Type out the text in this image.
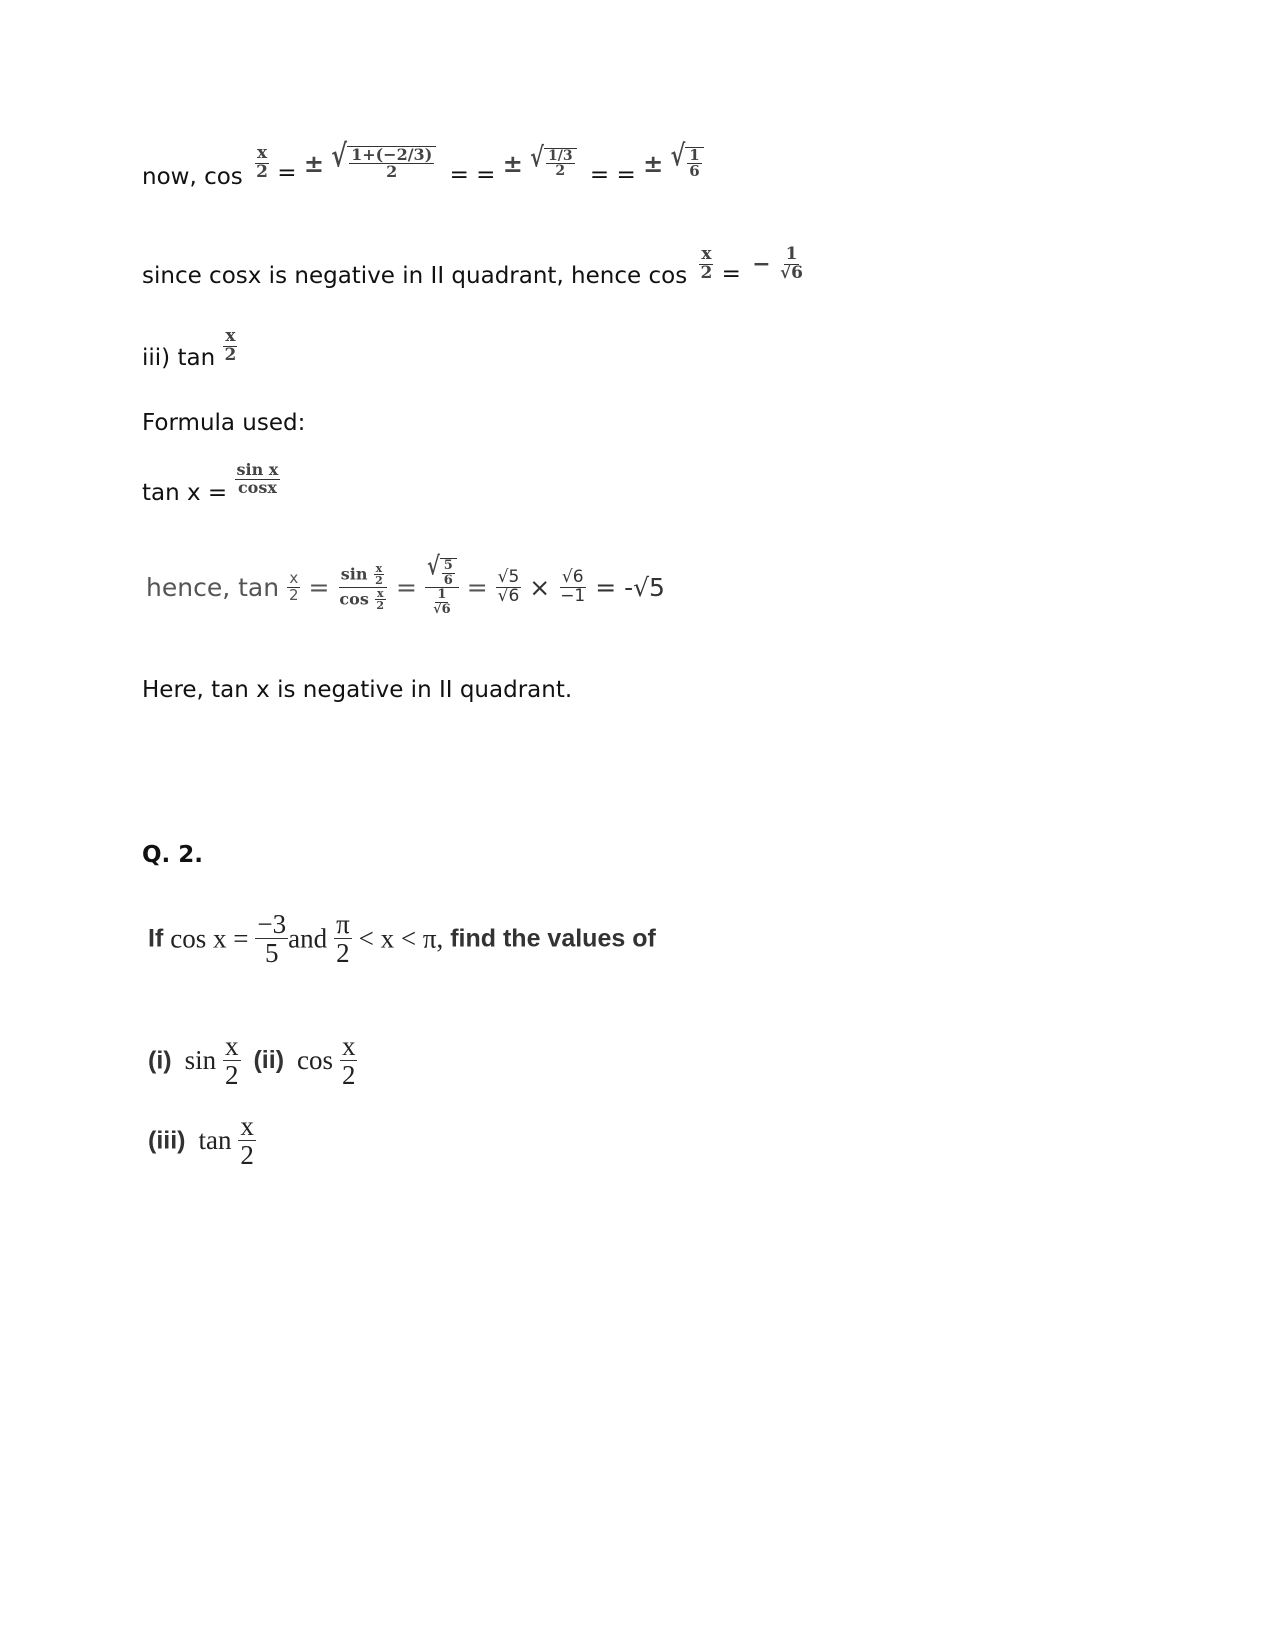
now, $\cos \frac{x}{2}$ = ± √ $\frac{1+(-2/3)}{2}$ = = ± √ $\frac{1/3}{2}$ = = ± √ $\frac{1}{6}$
since cosx is negative in II quadrant, hence $\cos \frac{x}{2}$ = − $\frac{1}{√6}$
iii) $\tan \frac{x}{2}$
Formula used:
$\tan x = \frac{\text{sin x}}{\cos x}$
hence, $\tan \frac{x}{2} = \frac{\sin \frac{x}{2}}{\cos \frac{x}{2}} = \frac{√ \frac{5}{6}}{\frac{1}{√6}} = \frac{√5}{√6} \times \frac{√6}{-1} = -√5$
Here, tan x is negative in II quadrant.
Q. 2.
If $\cos x = \frac{-3}{5}$ and $\frac{\pi}{2} < x < \pi$, find the values of
(i) $\sin \frac{x}{2} (ii)$ $\cos \frac{x}{2}$
(iii) $\tan \frac{x}{2}$
